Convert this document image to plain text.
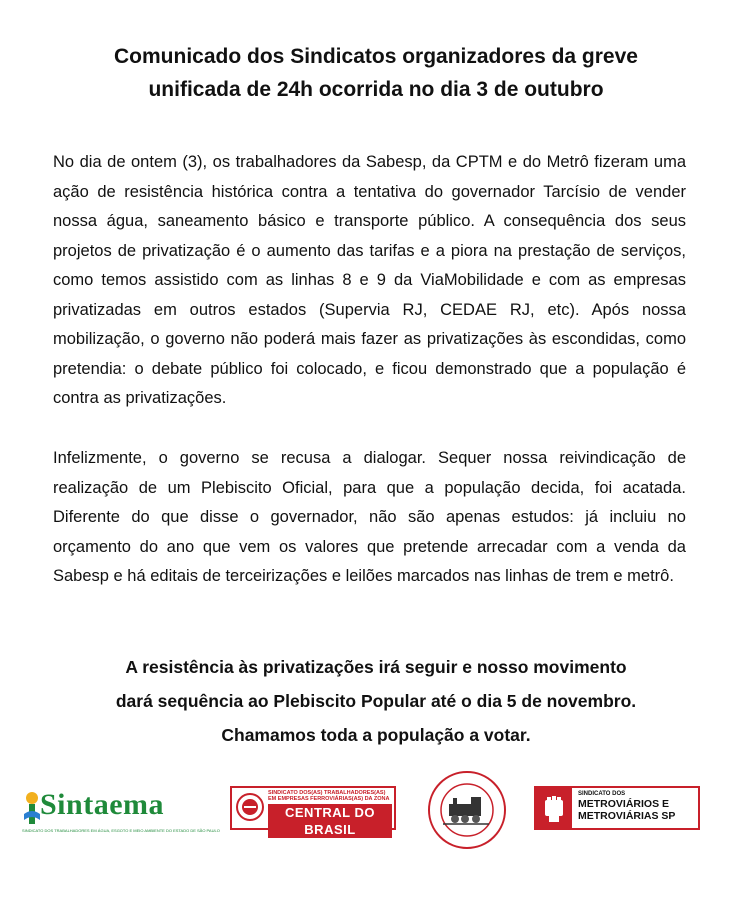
Comunicado dos Sindicatos organizadores da greve
unificada de 24h ocorrida no dia 3 de outubro

No dia de ontem (3), os trabalhadores da Sabesp, da CPTM e do Metrô fizeram uma ação de resistência histórica contra a tentativa do governador Tarcísio de vender nossa água, saneamento básico e transporte público. A consequência dos seus projetos de privatização é o aumento das tarifas e a piora na prestação de serviços, como temos assistido com as linhas 8 e 9 da ViaMobilidade e com as empresas privatizadas em outros estados (Supervia RJ, CEDAE RJ, etc). Após nossa mobilização, o governo não poderá mais fazer as privatizações às escondidas, como pretendia: o debate público foi colocado, e ficou demonstrado que a população é contra as privatizações.

Infelizmente, o governo se recusa a dialogar. Sequer nossa reivindicação de realização de um Plebiscito Oficial, para que a população decida, foi acatada. Diferente do que disse o governador, não são apenas estudos: já incluiu no orçamento do ano que vem os valores que pretende arrecadar com a venda da Sabesp e há editais de terceirizações e leilões marcados nas linhas de trem e metrô.

A resistência às privatizações irá seguir e nosso movimento
dará sequência ao Plebiscito Popular até o dia 5 de novembro.
Chamamos toda a população a votar.
Sintaema
SINDICATO DOS TRABALHADORES EM ÁGUA, ESGOTO E MEIO AMBIENTE DO ESTADO DE SÃO PAULO
SINDICATO DOS(AS) TRABALHADORES(AS) EM EMPRESAS FERROVIÁRIAS(AS) DA ZONA
CENTRAL DO BRASIL
SINDICATO DOS
METROVIÁRIOS E
METROVIÁRIAS SP
